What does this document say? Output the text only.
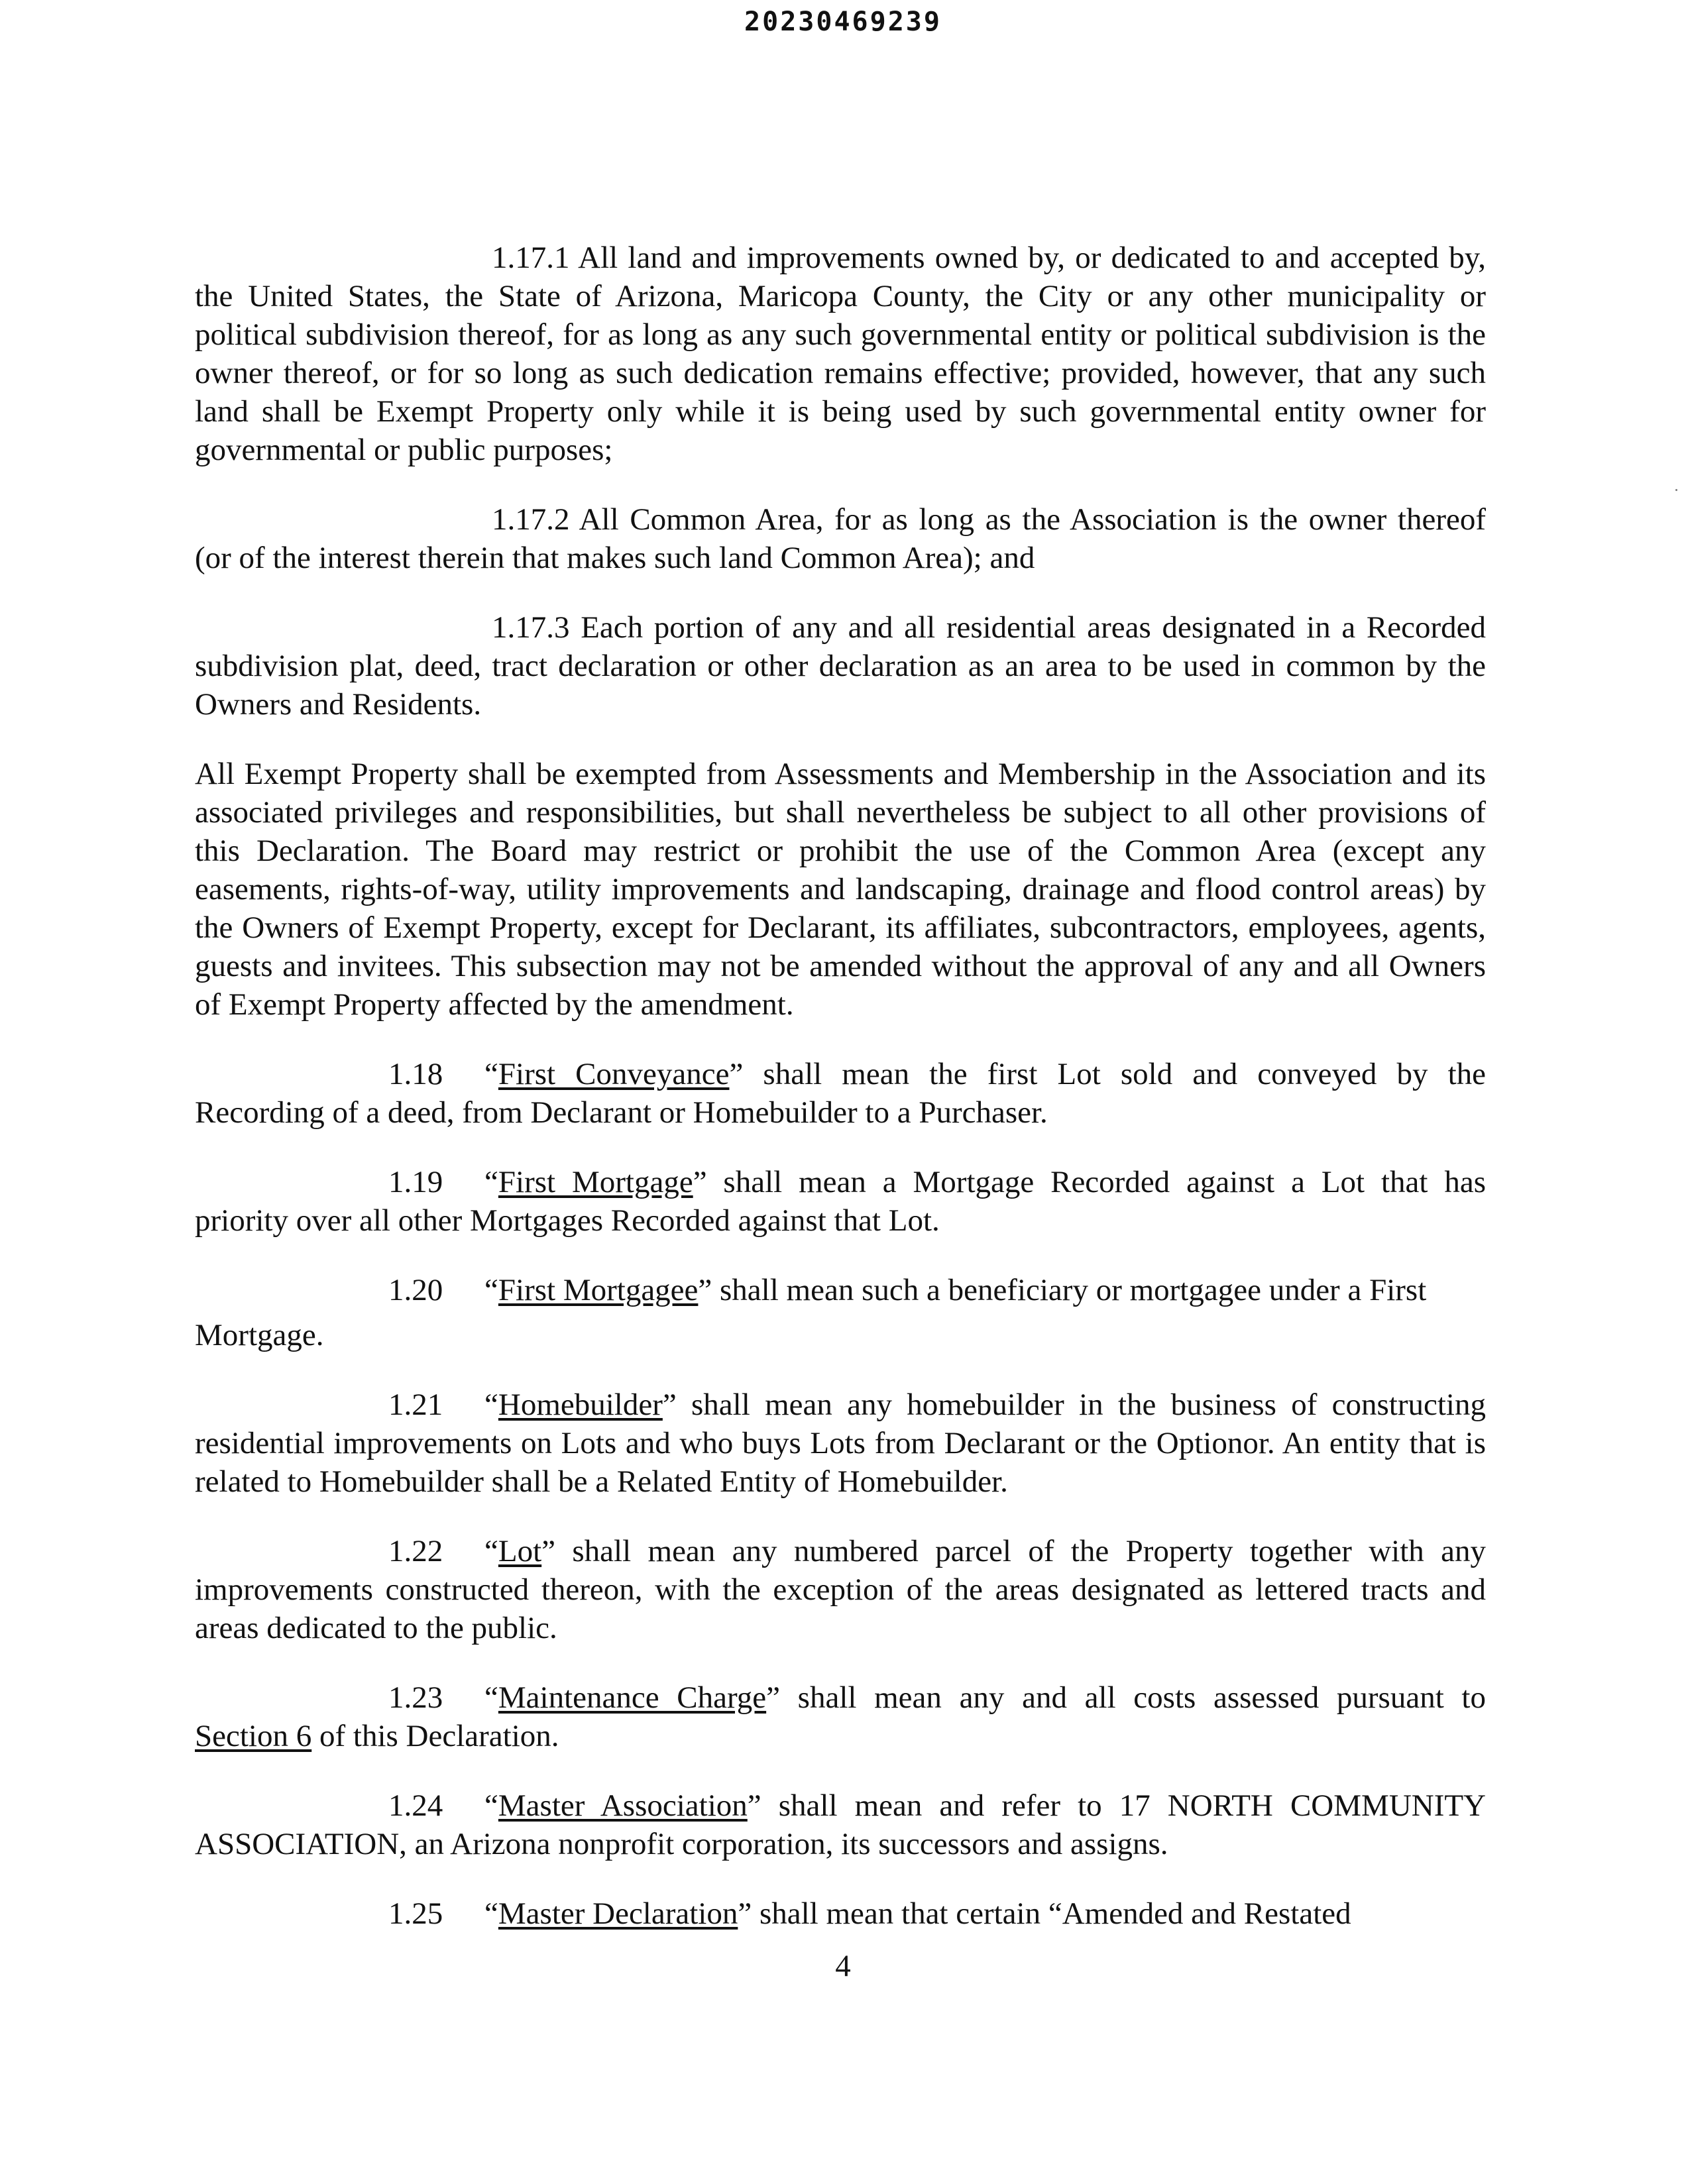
20230469239

1.17.1 All land and improvements owned by, or dedicated to and accepted by, the United States, the State of Arizona, Maricopa County, the City or any other municipality or political subdivision thereof, for as long as any such governmental entity or political subdivision is the owner thereof, or for so long as such dedication remains effective; provided, however, that any such land shall be Exempt Property only while it is being used by such governmental entity owner for governmental or public purposes;

1.17.2 All Common Area, for as long as the Association is the owner thereof (or of the interest therein that makes such land Common Area); and

1.17.3 Each portion of any and all residential areas designated in a Recorded subdivision plat, deed, tract declaration or other declaration as an area to be used in common by the Owners and Residents.

All Exempt Property shall be exempted from Assessments and Membership in the Association and its associated privileges and responsibilities, but shall nevertheless be subject to all other provisions of this Declaration. The Board may restrict or prohibit the use of the Common Area (except any easements, rights-of-way, utility improvements and landscaping, drainage and flood control areas) by the Owners of Exempt Property, except for Declarant, its affiliates, subcontractors, employees, agents, guests and invitees. This subsection may not be amended without the approval of any and all Owners of Exempt Property affected by the amendment.

1.18 “First Conveyance” shall mean the first Lot sold and conveyed by the Recording of a deed, from Declarant or Homebuilder to a Purchaser.

1.19 “First Mortgage” shall mean a Mortgage Recorded against a Lot that has priority over all other Mortgages Recorded against that Lot.

1.20 “First Mortgagee” shall mean such a beneficiary or mortgagee under a First

Mortgage.

1.21 “Homebuilder” shall mean any homebuilder in the business of constructing residential improvements on Lots and who buys Lots from Declarant or the Optionor. An entity that is related to Homebuilder shall be a Related Entity of Homebuilder.

1.22 “Lot” shall mean any numbered parcel of the Property together with any improvements constructed thereon, with the exception of the areas designated as lettered tracts and areas dedicated to the public.

1.23 “Maintenance Charge” shall mean any and all costs assessed pursuant to Section 6 of this Declaration.

1.24 “Master Association” shall mean and refer to 17 NORTH COMMUNITY ASSOCIATION, an Arizona nonprofit corporation, its successors and assigns.

1.25 “Master Declaration” shall mean that certain “Amended and Restated

4
